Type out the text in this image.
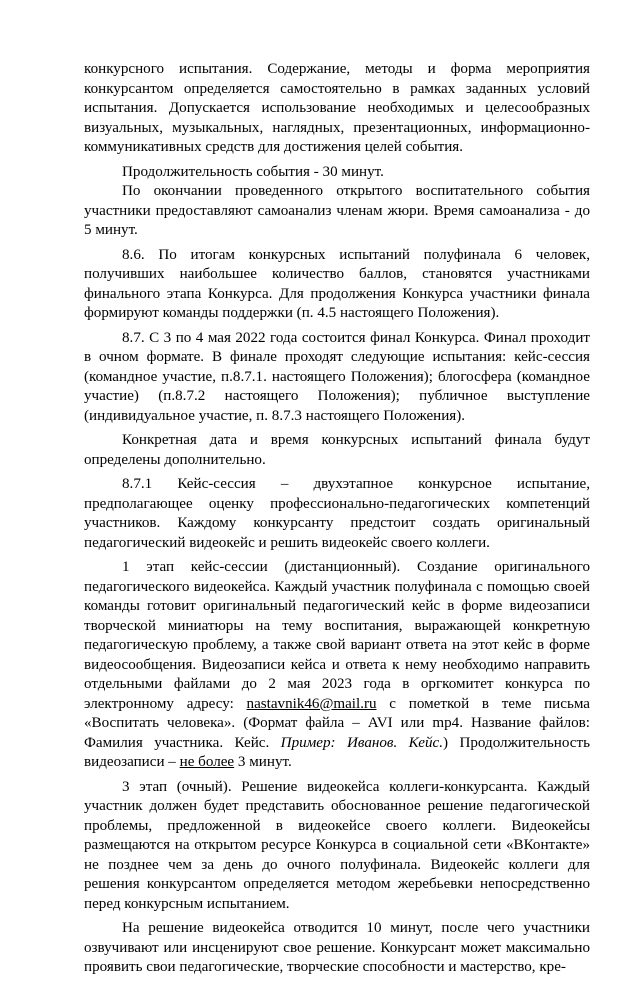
конкурсного испытания. Содержание, методы и форма мероприятия конкурсантом определяется самостоятельно в рамках заданных условий испытания. Допускается использование необходимых и целесообразных визуальных, музыкальных, наглядных, презентационных, информационно-коммуникативных средств для достижения целей события.

Продолжительность события - 30 минут.

По окончании проведенного открытого воспитательного события участники предоставляют самоанализ членам жюри. Время самоанализа - до 5 минут.

8.6. По итогам конкурсных испытаний полуфинала 6 человек, получивших наибольшее количество баллов, становятся участниками финального этапа Конкурса. Для продолжения Конкурса участники финала формируют команды поддержки (п. 4.5 настоящего Положения).

8.7. С 3 по 4 мая 2022 года состоится финал Конкурса. Финал проходит в очном формате. В финале проходят следующие испытания: кейс-сессия (командное участие, п.8.7.1. настоящего Положения); блогосфера (командное участие) (п.8.7.2 настоящего Положения); публичное выступление (индивидуальное участие, п. 8.7.3 настоящего Положения).

Конкретная дата и время конкурсных испытаний финала будут определены дополнительно.

8.7.1 Кейс-сессия – двухэтапное конкурсное испытание, предполагающее оценку профессионально-педагогических компетенций участников. Каждому конкурсанту предстоит создать оригинальный педагогический видеокейс и решить видеокейс своего коллеги.

1 этап кейс-сессии (дистанционный). Создание оригинального педагогического видеокейса. Каждый участник полуфинала с помощью своей команды готовит оригинальный педагогический кейс в форме видеозаписи творческой миниатюры на тему воспитания, выражающей конкретную педагогическую проблему, а также свой вариант ответа на этот кейс в форме видеосообщения. Видеозаписи кейса и ответа к нему необходимо направить отдельными файлами до 2 мая 2023 года в оргкомитет конкурса по электронному адресу: nastavnik46@mail.ru с пометкой в теме письма «Воспитать человека». (Формат файла – AVI или mp4. Название файлов: Фамилия участника. Кейс. Пример: Иванов. Кейс.) Продолжительность видеозаписи – не более 3 минут.

3 этап (очный). Решение видеокейса коллеги-конкурсанта. Каждый участник должен будет представить обоснованное решение педагогической проблемы, предложенной в видеокейсе своего коллеги. Видеокейсы размещаются на открытом ресурсе Конкурса в социальной сети «ВКонтакте» не позднее чем за день до очного полуфинала. Видеокейс коллеги для решения конкурсантом определяется методом жеребьевки непосредственно перед конкурсным испытанием.

На решение видеокейса отводится 10 минут, после чего участники озвучивают или инсценируют свое решение. Конкурсант может максимально проявить свои педагогические, творческие способности и мастерство, кре-
